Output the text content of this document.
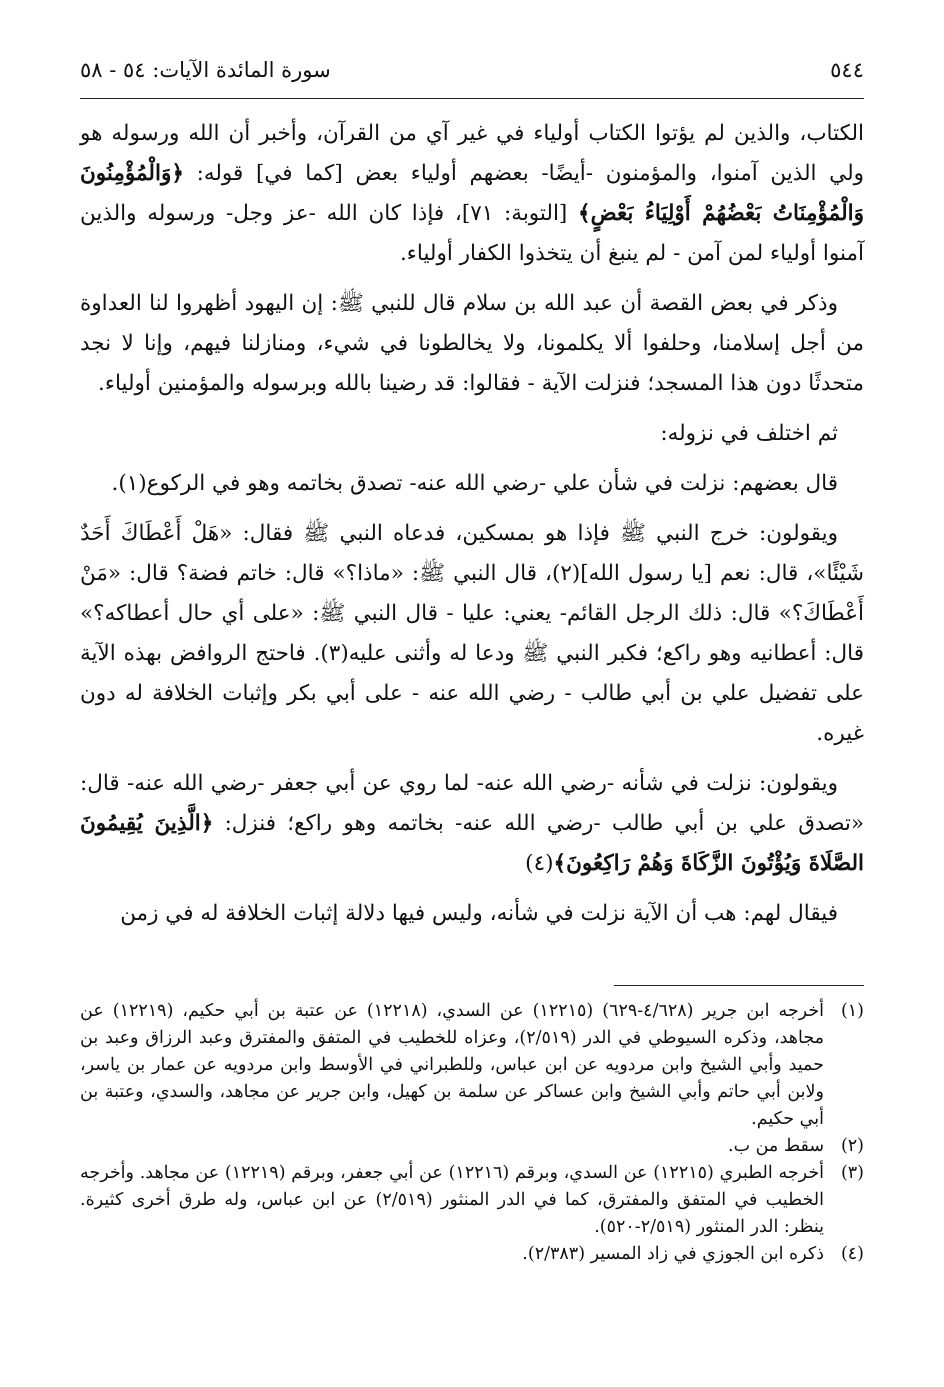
٥٤٤
سورة المائدة الآيات: ٥٤ - ٥٨

الكتاب، والذين لم يؤتوا الكتاب أولياء في غير آي من القرآن، وأخبر أن الله ورسوله هو ولي الذين آمنوا، والمؤمنون -أيضًا- بعضهم أولياء بعض [كما في] قوله: ﴿وَالْمُؤْمِنُونَ وَالْمُؤْمِنَاتُ بَعْضُهُمْ أَوْلِيَاءُ بَعْضٍ﴾ [التوبة: ٧١]، فإذا كان الله -عز وجل- ورسوله والذين آمنوا أولياء لمن آمن - لم ينبغ أن يتخذوا الكفار أولياء.

وذكر في بعض القصة أن عبد الله بن سلام قال للنبي ﷺ: إن اليهود أظهروا لنا العداوة من أجل إسلامنا، وحلفوا ألا يكلمونا، ولا يخالطونا في شيء، ومنازلنا فيهم، وإنا لا نجد متحدثًا دون هذا المسجد؛ فنزلت الآية - فقالوا: قد رضينا بالله وبرسوله والمؤمنين أولياء.

ثم اختلف في نزوله:

قال بعضهم: نزلت في شأن علي -رضي الله عنه- تصدق بخاتمه وهو في الركوع(١).

ويقولون: خرج النبي ﷺ فإذا هو بمسكين، فدعاه النبي ﷺ فقال: «هَلْ أَعْطَاكَ أَحَدٌ شَيْئًا»، قال: نعم [يا رسول الله](٢)، قال النبي ﷺ: «ماذا؟» قال: خاتم فضة؟ قال: «مَنْ أَعْطَاكَ؟» قال: ذلك الرجل القائم- يعني: عليا - قال النبي ﷺ: «على أي حال أعطاكه؟» قال: أعطانيه وهو راكع؛ فكبر النبي ﷺ ودعا له وأثنى عليه(٣). فاحتج الروافض بهذه الآية على تفضيل علي بن أبي طالب - رضي الله عنه - على أبي بكر وإثبات الخلافة له دون غيره.

ويقولون: نزلت في شأنه -رضي الله عنه- لما روي عن أبي جعفر -رضي الله عنه- قال: «تصدق علي بن أبي طالب -رضي الله عنه- بخاتمه وهو راكع؛ فنزل: ﴿الَّذِينَ يُقِيمُونَ الصَّلَاةَ وَيُؤْتُونَ الزَّكَاةَ وَهُمْ رَاكِعُونَ﴾(٤)

فيقال لهم: هب أن الآية نزلت في شأنه، وليس فيها دلالة إثبات الخلافة له في زمن

(١)
أخرجه ابن جرير (٤/٦٢٨-٦٢٩) (١٢٢١٥) عن السدي، (١٢٢١٨) عن عتبة بن أبي حكيم، (١٢٢١٩) عن مجاهد، وذكره السيوطي في الدر (٢/٥١٩)، وعزاه للخطيب في المتفق والمفترق وعبد الرزاق وعبد بن حميد وأبي الشيخ وابن مردويه عن ابن عباس، وللطبراني في الأوسط وابن مردويه عن عمار بن ياسر، ولابن أبي حاتم وأبي الشيخ وابن عساكر عن سلمة بن كهيل، وابن جرير عن مجاهد، والسدي، وعتبة بن أبي حكيم.
(٢)
سقط من ب.
(٣)
أخرجه الطبري (١٢٢١٥) عن السدي، وبرقم (١٢٢١٦) عن أبي جعفر، وبرقم (١٢٢١٩) عن مجاهد. وأخرجه الخطيب في المتفق والمفترق، كما في الدر المنثور (٢/٥١٩) عن ابن عباس، وله طرق أخرى كثيرة. ينظر: الدر المنثور (٢/٥١٩-٥٢٠).
(٤)
ذكره ابن الجوزي في زاد المسير (٢/٣٨٣).
